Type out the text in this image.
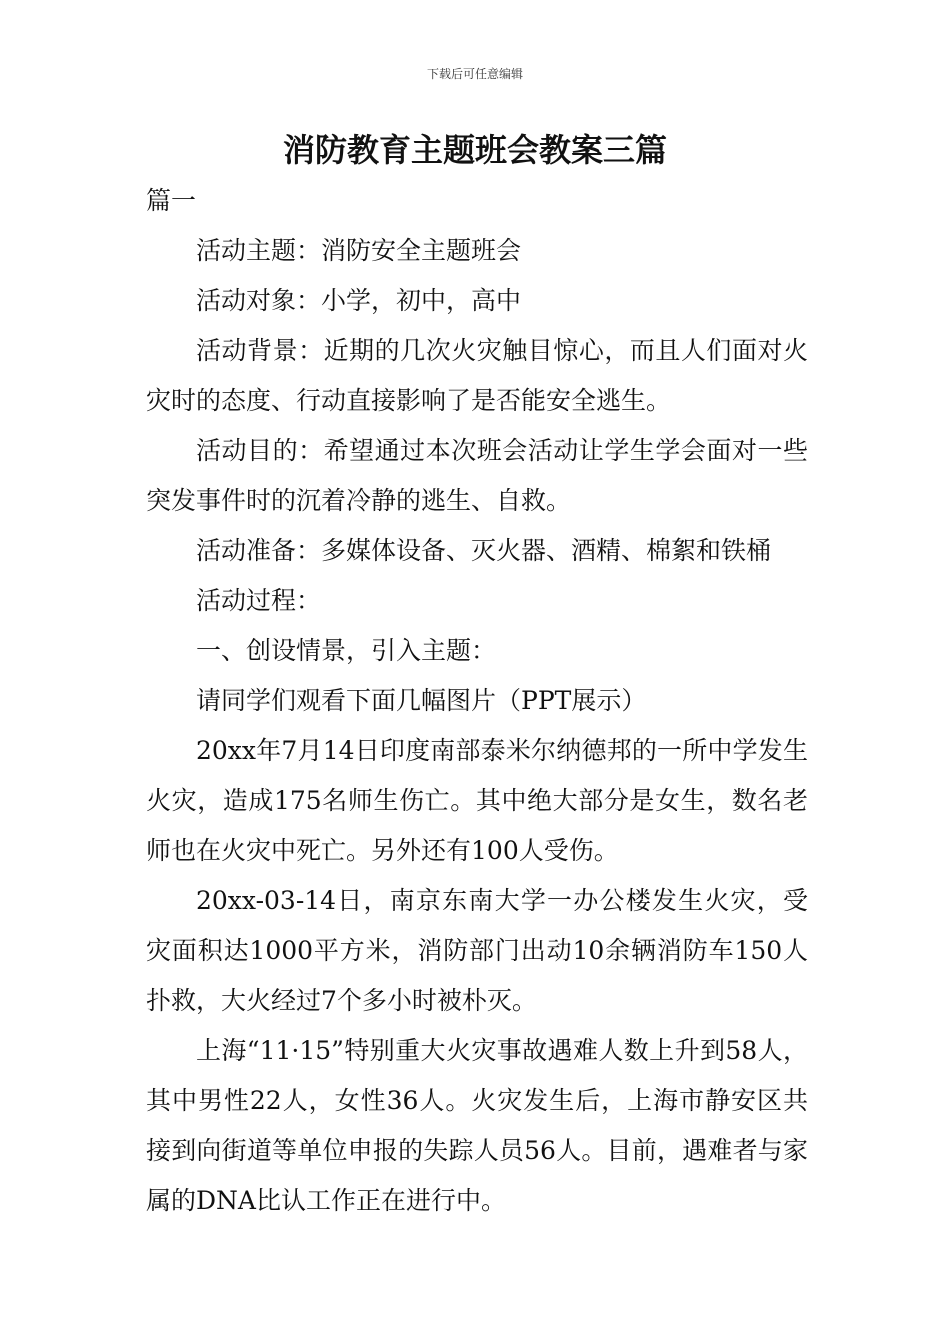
下载后可任意编辑
消防教育主题班会教案三篇

篇一

活动主题：消防安全主题班会

活动对象：小学，初中，高中

活动背景：近期的几次火灾触目惊心，而且人们面对火灾时的态度、行动直接影响了是否能安全逃生。

活动目的：希望通过本次班会活动让学生学会面对一些突发事件时的沉着冷静的逃生、自救。

活动准备：多媒体设备、灭火器、酒精、棉絮和铁桶

活动过程：

一、创设情景，引入主题：

请同学们观看下面几幅图片（PPT展示）

20xx年7月14日印度南部泰米尔纳德邦的一所中学发生火灾，造成175名师生伤亡。其中绝大部分是女生，数名老师也在火灾中死亡。另外还有100人受伤。

20xx-03-14日，南京东南大学一办公楼发生火灾，受灾面积达1000平方米，消防部门出动10余辆消防车150人扑救，大火经过7个多小时被朴灭。

上海“11·15”特别重大火灾事故遇难人数上升到58人，其中男性22人，女性36人。火灾发生后，上海市静安区共接到向街道等单位申报的失踪人员56人。目前，遇难者与家属的DNA比认工作正在进行中。
